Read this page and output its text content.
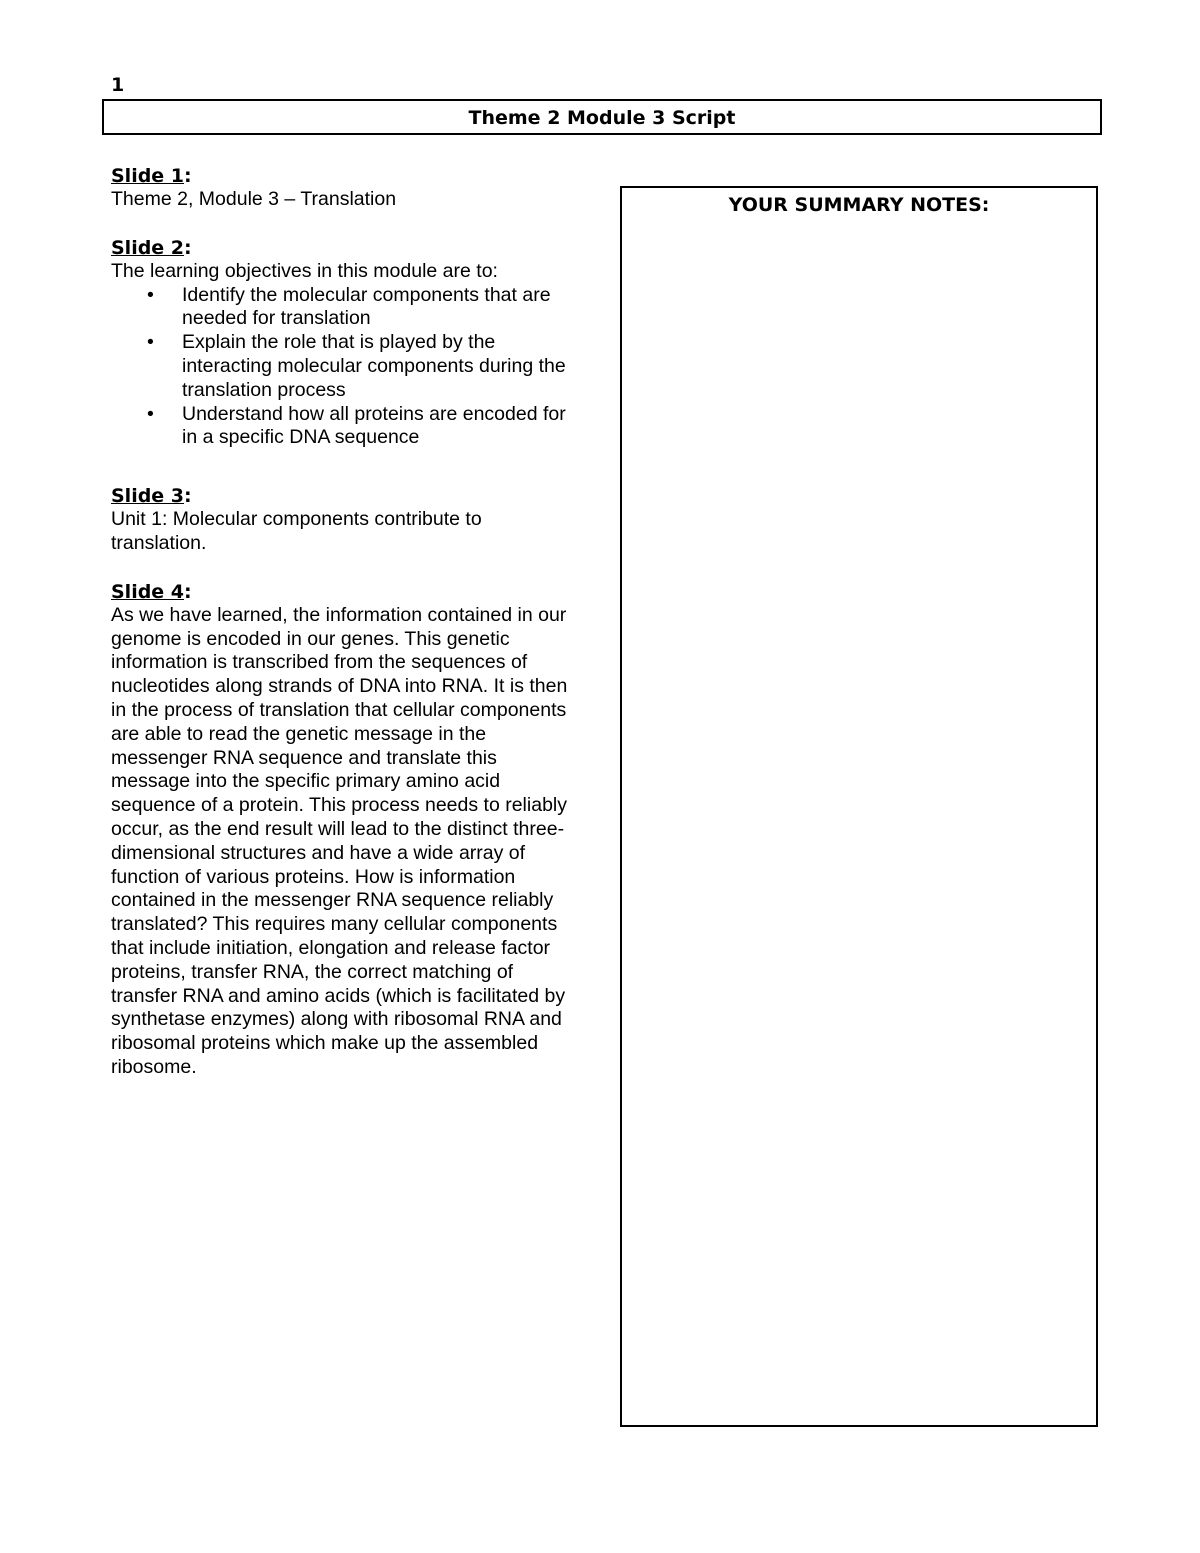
1
Theme 2 Module 3 Script
Slide 1:

Theme 2, Module 3 – Translation

Slide 2:

The learning objectives in this module are to:

• Identify the molecular components that are needed for translation
• Explain the role that is played by the interacting molecular components during the translation process
• Understand how all proteins are encoded for in a specific DNA sequence
Slide 3:

Unit 1: Molecular components contribute to translation.

Slide 4:

As we have learned, the information contained in our genome is encoded in our genes. This genetic information is transcribed from the sequences of nucleotides along strands of DNA into RNA. It is then in the process of translation that cellular components are able to read the genetic message in the messenger RNA sequence and translate this message into the specific primary amino acid sequence of a protein. This process needs to reliably occur, as the end result will lead to the distinct three-dimensional structures and have a wide array of function of various proteins. How is information contained in the messenger RNA sequence reliably translated? This requires many cellular components that include initiation, elongation and release factor proteins, transfer RNA, the correct matching of transfer RNA and amino acids (which is facilitated by synthetase enzymes) along with ribosomal RNA and ribosomal proteins which make up the assembled ribosome.

YOUR SUMMARY NOTES:
